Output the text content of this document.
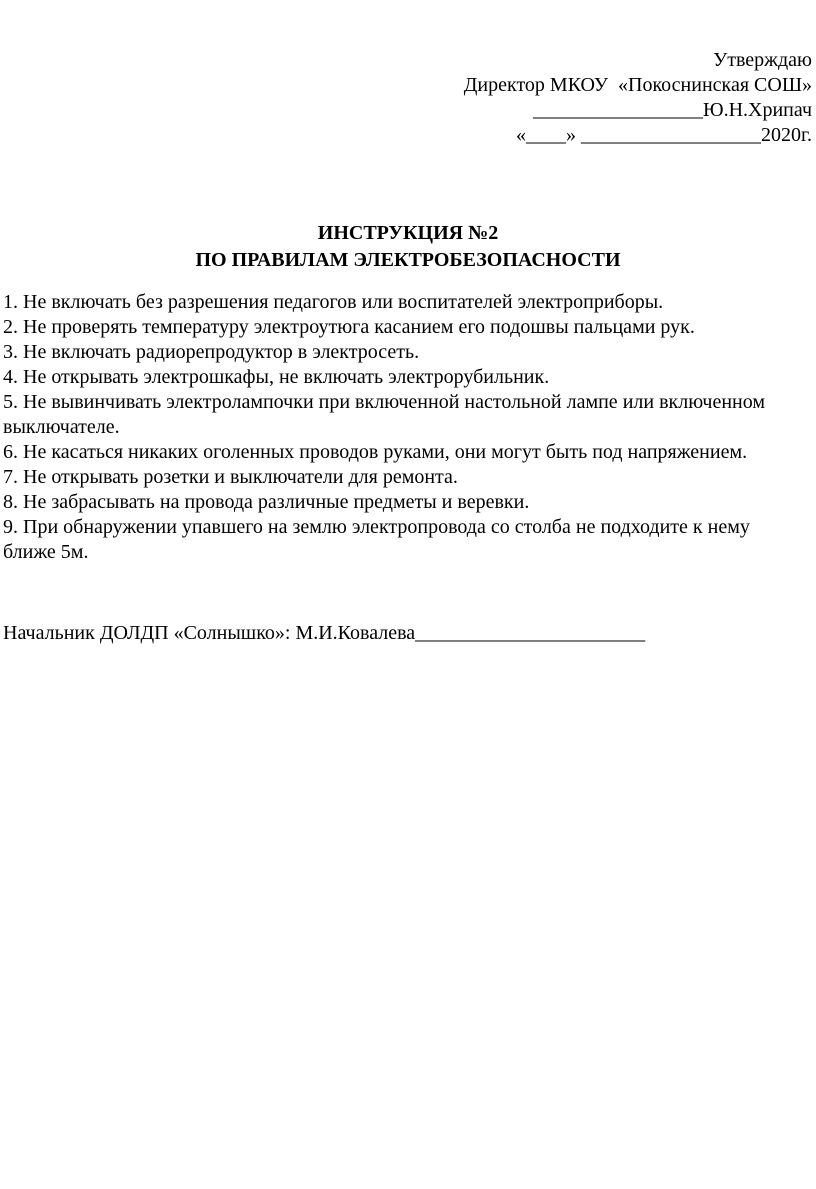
Утверждаю
Директор МКОУ  «Покоснинская СОШ»
_________________Ю.Н.Хрипач
«____» __________________2020г.
ИНСТРУКЦИЯ №2
ПО ПРАВИЛАМ ЭЛЕКТРОБЕЗОПАСНОСТИ
1. Не включать без разрешения педагогов или воспитателей электроприборы.
2. Не проверять температуру электроутюга касанием его подошвы пальцами рук.
3. Не включать радиорепродуктор в электросеть.
4. Не открывать электрошкафы, не включать электрорубильник.
5. Не вывинчивать электролампочки при включенной настольной лампе или включенном выключателе.
6. Не касаться никаких оголенных проводов руками, они могут быть под напряжением.
7. Не открывать розетки и выключатели для ремонта.
8. Не забрасывать на провода различные предметы и веревки.
9. При обнаружении упавшего на землю электропровода со столба не подходите к нему ближе 5м.
Начальник ДОЛДП «Солнышко»: М.И.Ковалева_______________________
